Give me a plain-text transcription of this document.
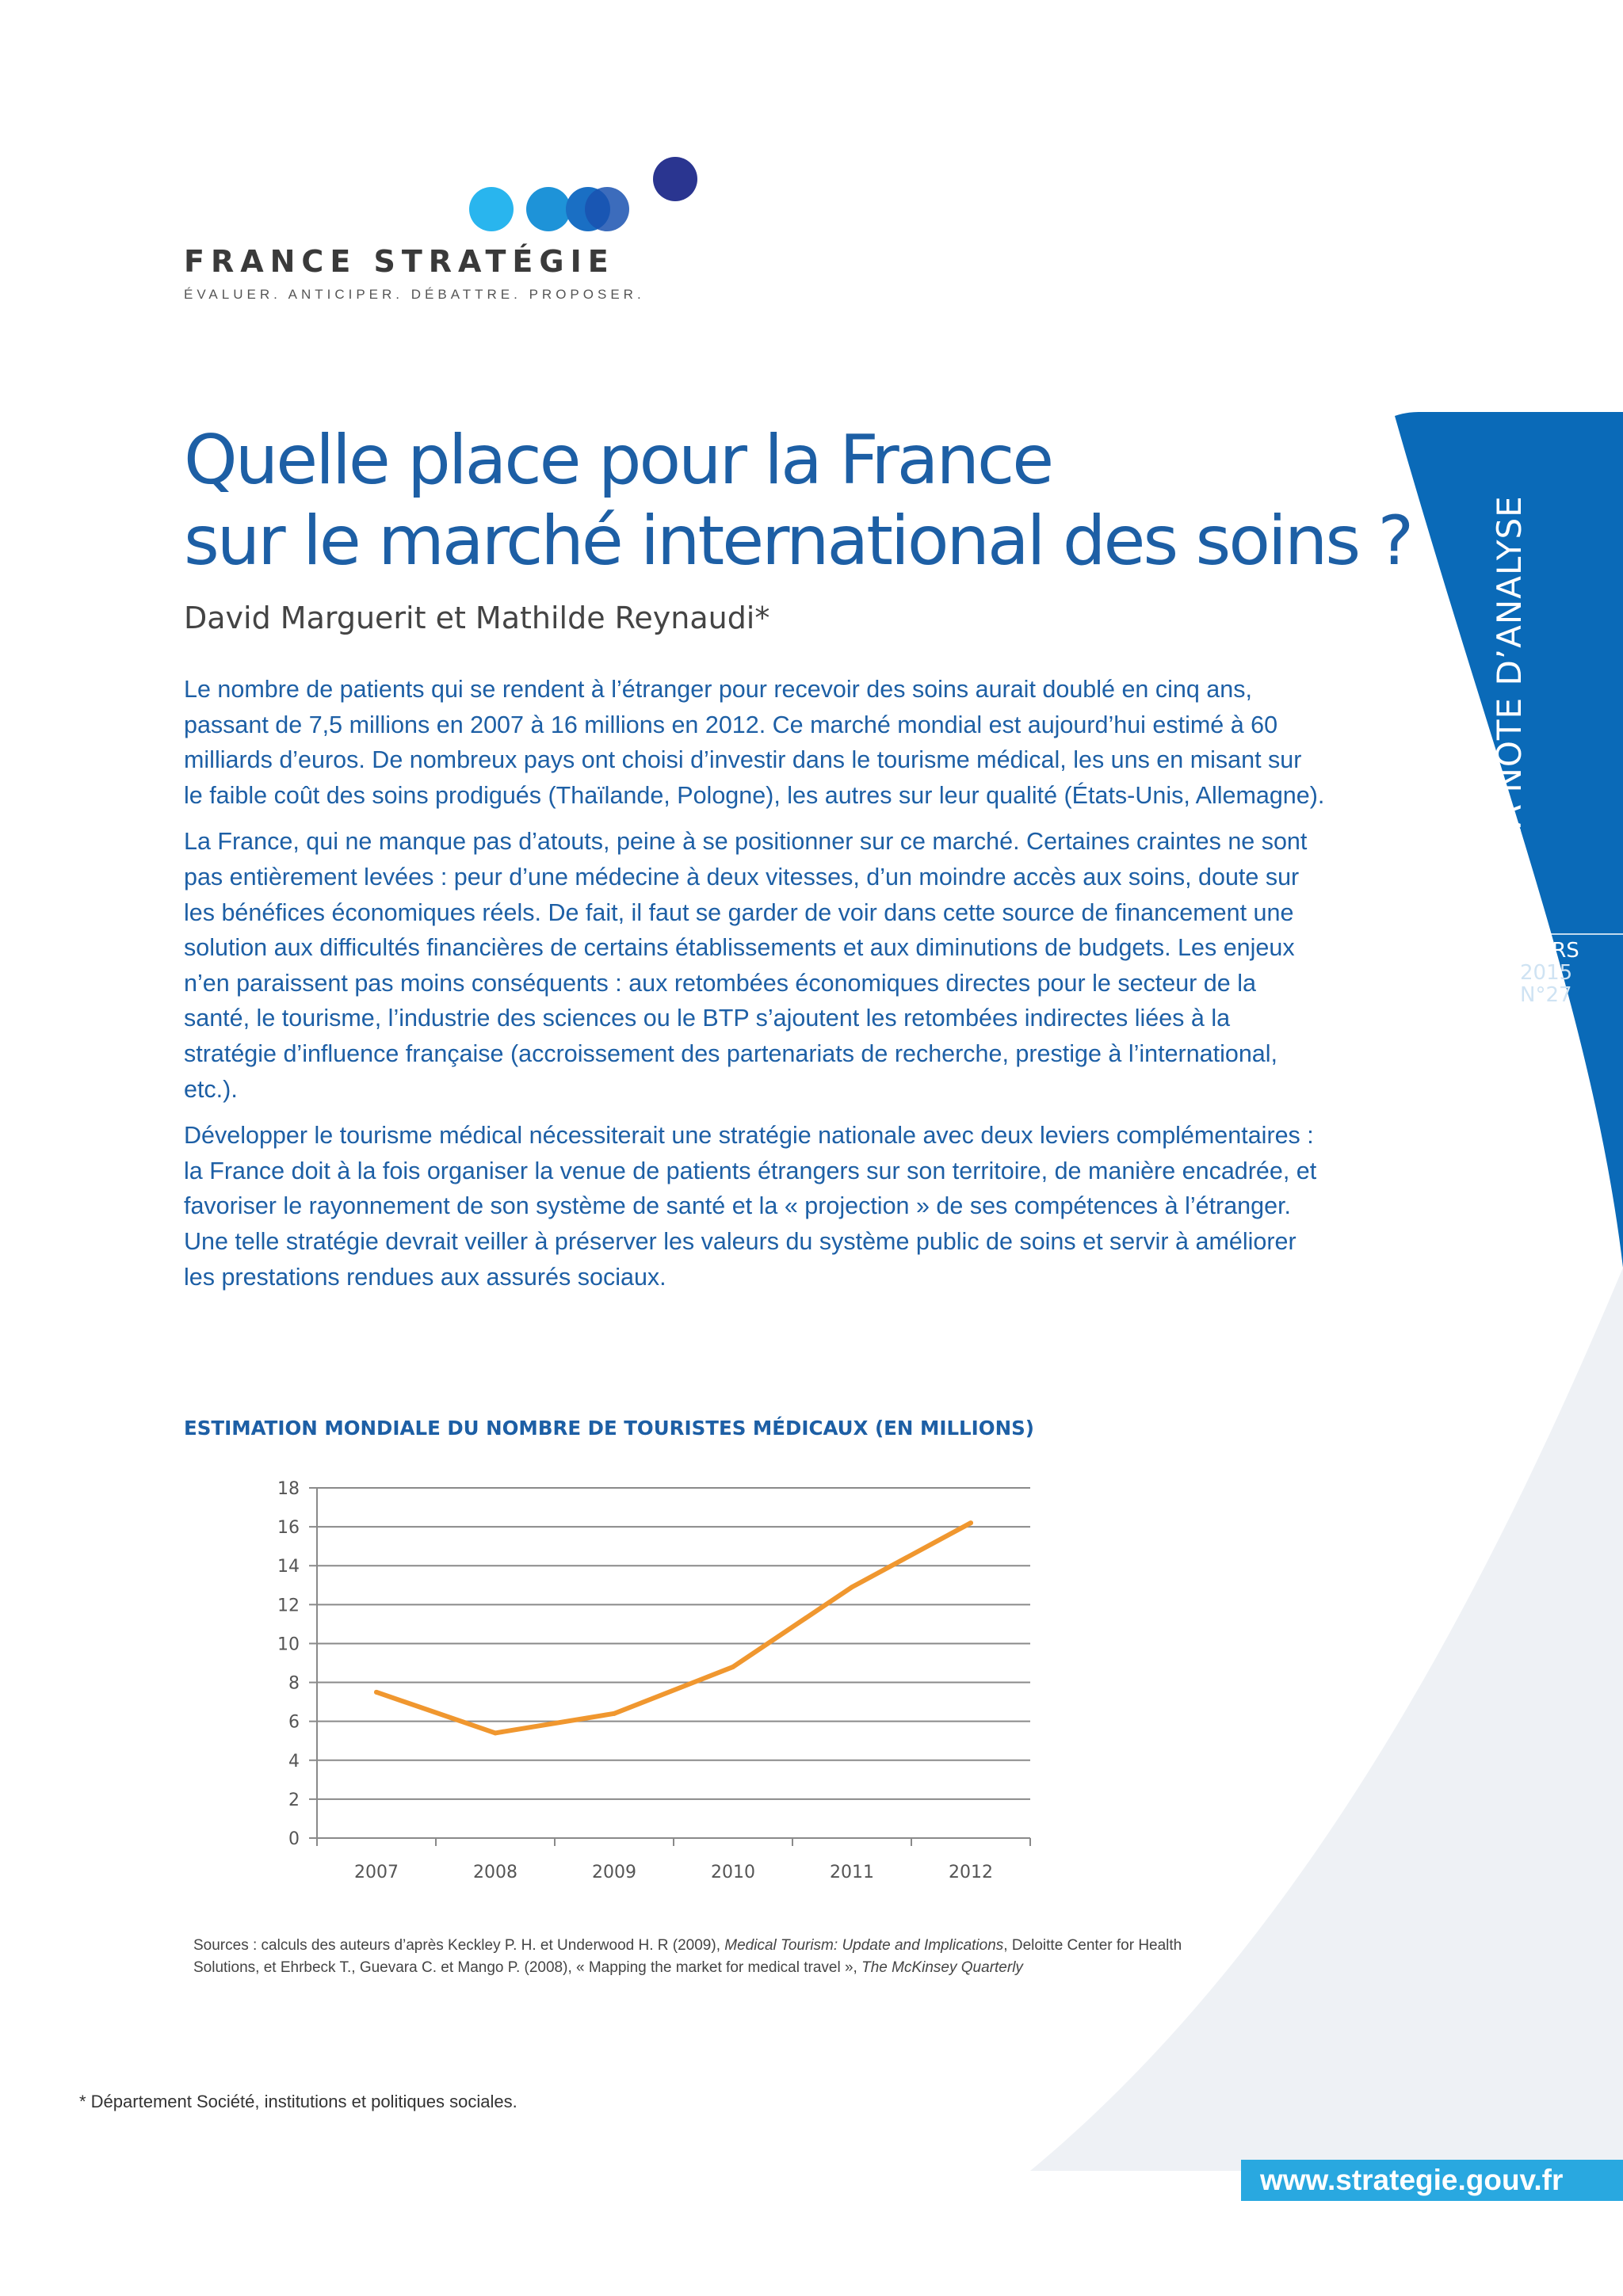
FRANCE STRATÉGIE
ÉVALUER. ANTICIPER. DÉBATTRE. PROPOSER.
LA NOTE D’ANALYSE
MARS
2015
N°27
Quelle place pour la France
sur le marché international des soins ?
David Marguerit et Mathilde Reynaudi*

Le nombre de patients qui se rendent à l’étranger pour recevoir des soins aurait doublé en cinq ans, passant de 7,5 millions en 2007 à 16 millions en 2012. Ce marché mondial est aujourd’hui estimé à 60 milliards d’euros. De nombreux pays ont choisi d’investir dans le tourisme médical, les uns en misant sur le faible coût des soins prodigués (Thaïlande, Pologne), les autres sur leur qualité (États-Unis, Allemagne).

La France, qui ne manque pas d’atouts, peine à se positionner sur ce marché. Certaines craintes ne sont pas entièrement levées : peur d’une médecine à deux vitesses, d’un moindre accès aux soins, doute sur les bénéfices économiques réels. De fait, il faut se garder de voir dans cette source de financement une solution aux difficultés financières de certains établissements et aux diminutions de budgets. Les enjeux n’en paraissent pas moins conséquents : aux retombées économiques directes pour le secteur de la santé, le tourisme, l’industrie des sciences ou le BTP s’ajoutent les retombées indirectes liées à la stratégie d’influence française (accroissement des partenariats de recherche, prestige à l’international, etc.).

Développer le tourisme médical nécessiterait une stratégie nationale avec deux leviers complémentaires : la France doit à la fois organiser la venue de patients étrangers sur son territoire, de manière encadrée, et favoriser le rayonnement de son système de santé et la « projection » de ses compétences à l’étranger. Une telle stratégie devrait veiller à préserver les valeurs du système public de soins et servir à améliorer les prestations rendues aux assurés sociaux.

ESTIMATION MONDIALE DU NOMBRE DE TOURISTES MÉDICAUX (EN MILLIONS)
0
2
4
6
8
10
12
14
16
18
2007	2008	2009	2010	2011	2012
Sources : calculs des auteurs d’après Keckley P. H. et Underwood H. R (2009), Medical Tourism: Update and Implications, Deloitte Center for Health Solutions, et Ehrbeck T., Guevara C. et Mango P. (2008), « Mapping the market for medical travel », The McKinsey Quarterly
* Département Société, institutions et politiques sociales.
www.strategie.gouv.fr
